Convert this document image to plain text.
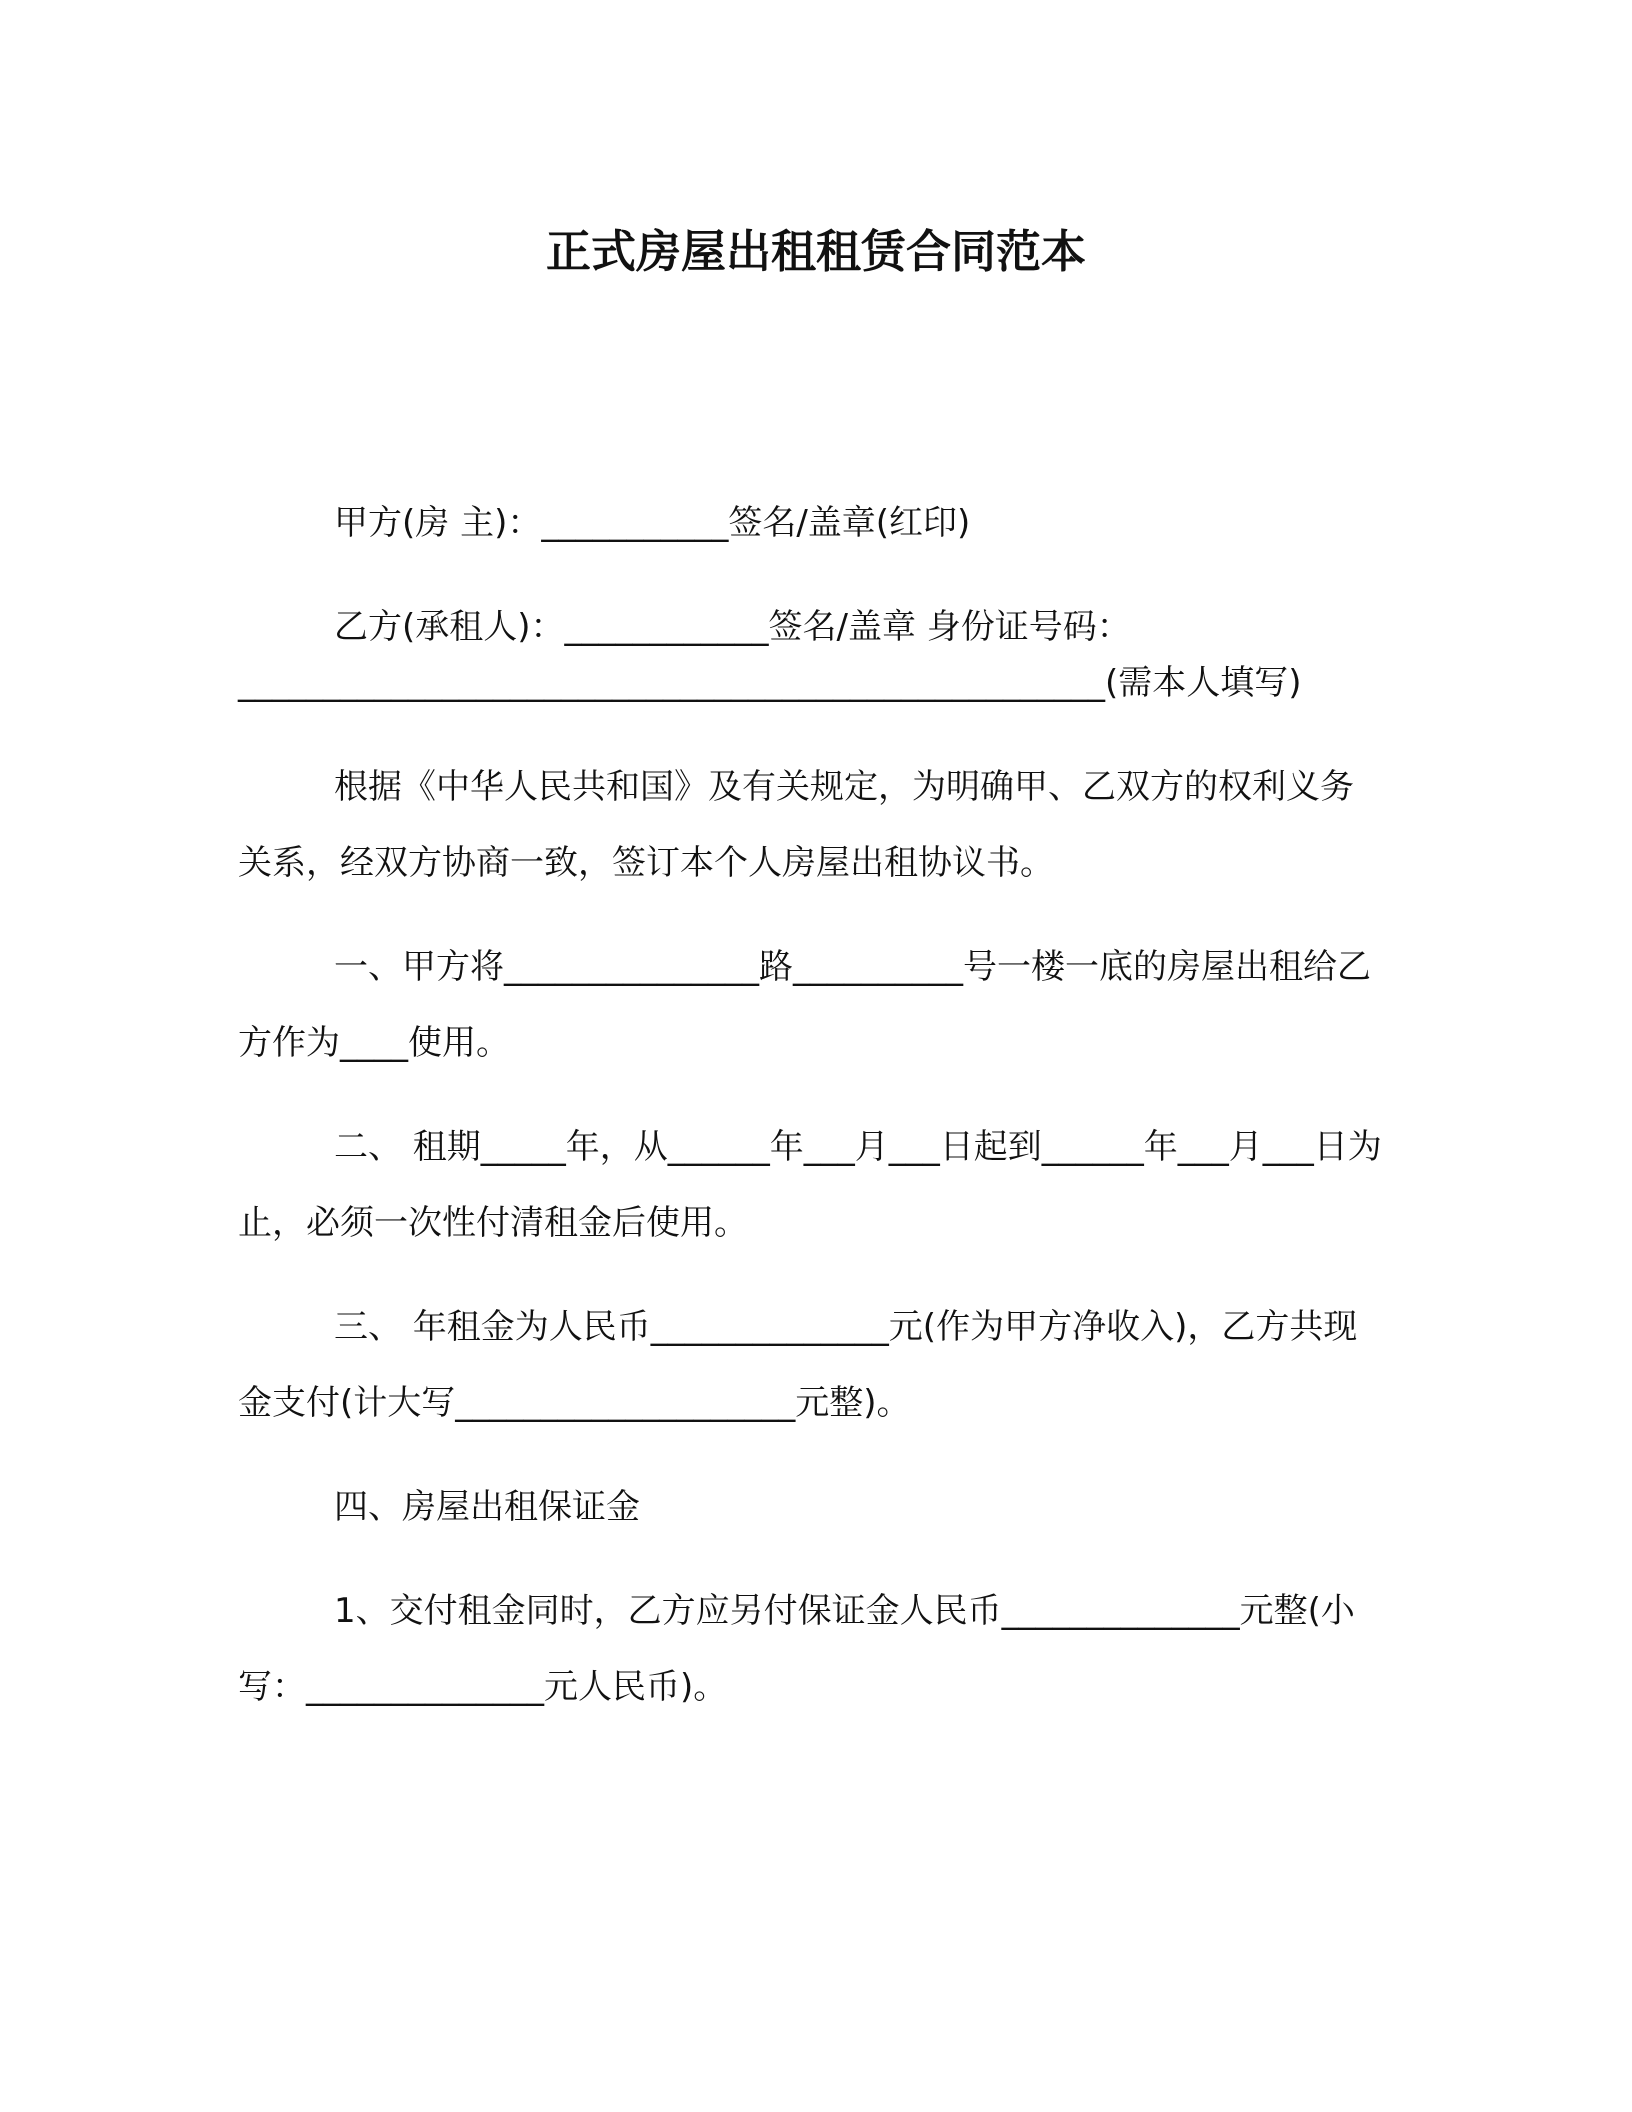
正式房屋出租租赁合同范本

甲方(房 主)：___________签名/盖章(红印)

乙方(承租人)：____________签名/盖章 身份证号码：

___________________________________________________(需本人填写)

根据《中华人民共和国》及有关规定，为明确甲、乙双方的权利义务关系，经双方协商一致，签订本个人房屋出租协议书。

一、甲方将_______________路__________号一楼一底的房屋出租给乙方作为____使用。

二、 租期_____年，从______年___月___日起到______年___月___日为止，必须一次性付清租金后使用。

三、 年租金为人民币______________元(作为甲方净收入)，乙方共现金支付(计大写____________________元整)。

四、房屋出租保证金

1、交付租金同时，乙方应另付保证金人民币______________元整(小写：______________元人民币)。
